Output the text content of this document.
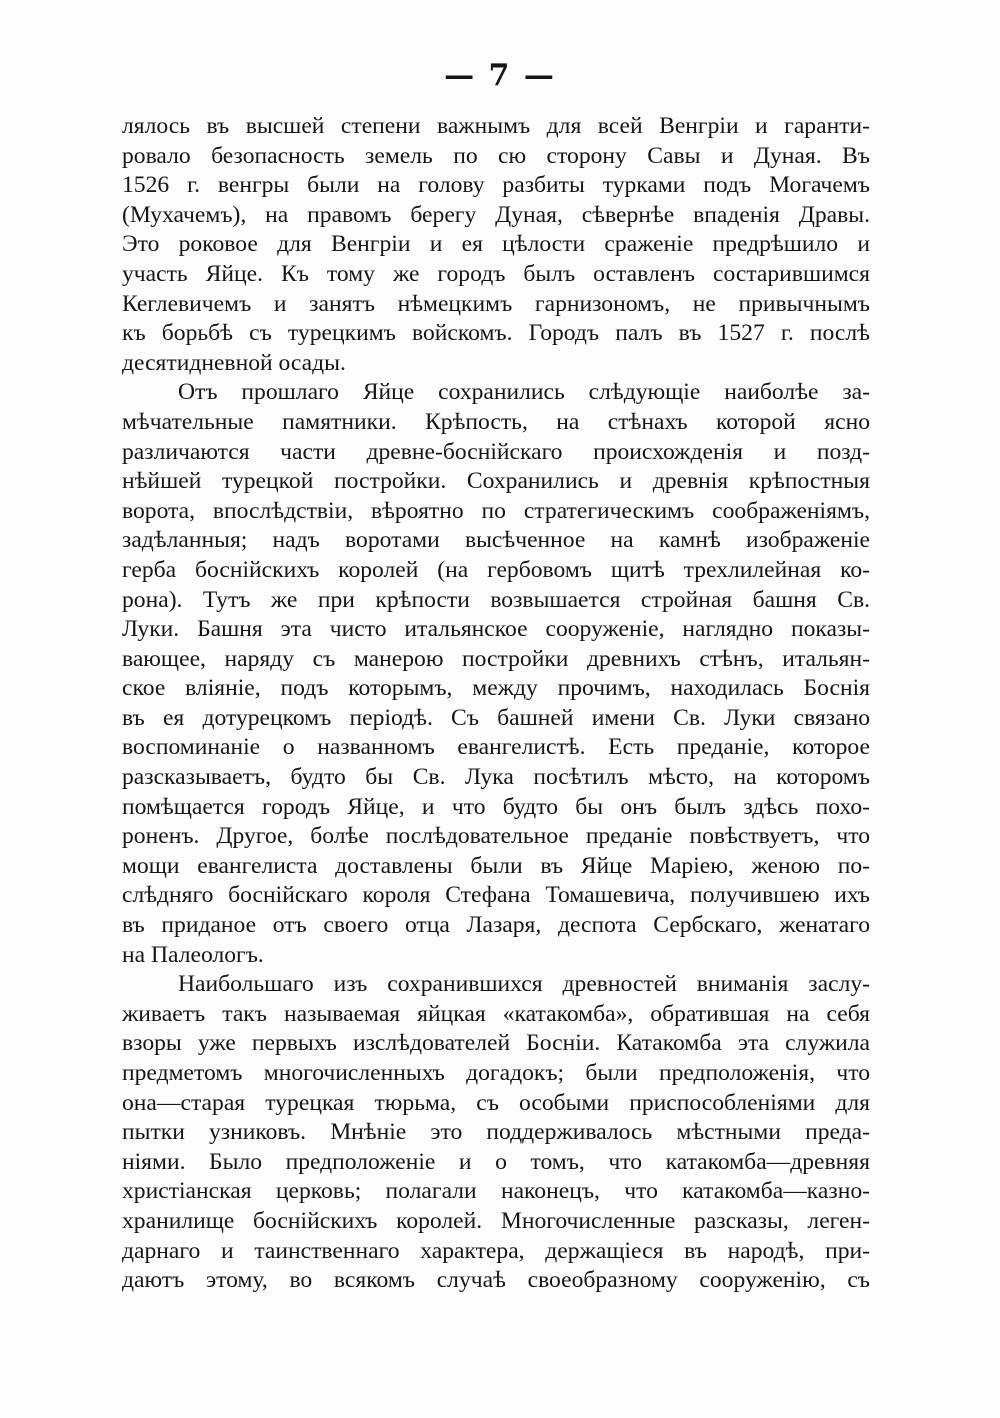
— 7 —
лялось въ высшей степени важнымъ для всей Венгріи и гаранти-
ровало безопасность земель по сю сторону Савы и Дуная. Въ
1526 г. венгры были на голову разбиты турками подъ Могачемъ
(Мухачемъ), на правомъ берегу Дуная, сѣвернѣе впаденія Дравы.
Это роковое для Венгріи и ея цѣлости сраженіе предрѣшило и
участь Яйце. Къ тому же городъ былъ оставленъ состарившимся
Кеглевичемъ и занятъ нѣмецкимъ гарнизономъ, не привычнымъ
къ борьбѣ съ турецкимъ войскомъ. Городъ палъ въ 1527 г. послѣ
десятидневной осады.
Отъ прошлаго Яйце сохранились слѣдующіе наиболѣе за-
мѣчательные памятники. Крѣпость, на стѣнахъ которой ясно
различаются части древне-боснійскаго происхожденія и позд-
нѣйшей турецкой постройки. Сохранились и древнія крѣпостныя
ворота, впослѣдствіи, вѣроятно по стратегическимъ соображеніямъ,
задѣланныя; надъ воротами высѣченное на камнѣ изображеніе
герба боснійскихъ королей (на гербовомъ щитѣ трехлилейная ко-
рона). Тутъ же при крѣпости возвышается стройная башня Св.
Луки. Башня эта чисто итальянское сооруженіе, наглядно показы-
вающее, наряду съ манерою постройки древнихъ стѣнъ, итальян-
ское вліяніе, подъ которымъ, между прочимъ, находилась Боснія
въ ея дотурецкомъ періодѣ. Съ башней имени Св. Луки связано
воспоминаніе о названномъ евангелистѣ. Есть преданіе, которое
разсказываетъ, будто бы Св. Лука посѣтилъ мѣсто, на которомъ
помѣщается городъ Яйце, и что будто бы онъ былъ здѣсь похо-
роненъ. Другое, болѣе послѣдовательное преданіе повѣствуетъ, что
мощи евангелиста доставлены были въ Яйце Маріею, женою по-
слѣдняго боснійскаго короля Стефана Томашевича, получившею ихъ
въ приданое отъ своего отца Лазаря, деспота Сербскаго, женатаго
на Палеологъ.
Наибольшаго изъ сохранившихся древностей вниманія заслу-
живаетъ такъ называемая яйцкая «катакомба», обратившая на себя
взоры уже первыхъ изслѣдователей Босніи. Катакомба эта служила
предметомъ многочисленныхъ догадокъ; были предположенія, что
она—старая турецкая тюрьма, съ особыми приспособленіями для
пытки узниковъ. Мнѣніе это поддерживалось мѣстными преда-
ніями. Было предположеніе и о томъ, что катакомба—древняя
христіанская церковь; полагали наконецъ, что катакомба—казно-
хранилище боснійскихъ королей. Многочисленные разсказы, леген-
дарнаго и таинственнаго характера, держащіеся въ народѣ, при-
даютъ этому, во всякомъ случаѣ своеобразному сооруженію, съ
